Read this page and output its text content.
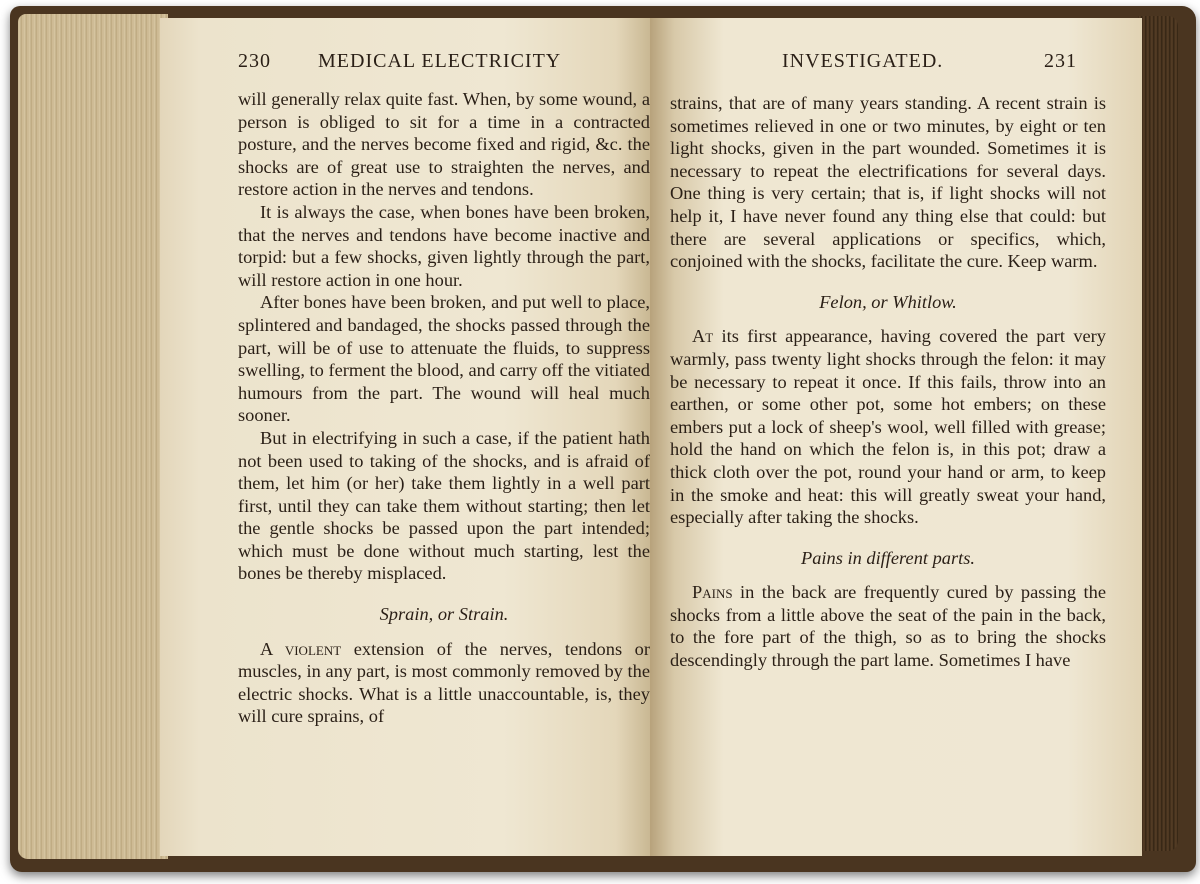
230 MEDICAL ELECTRICITY

will generally relax quite fast. When, by some wound, a person is obliged to sit for a time in a contracted posture, and the nerves become fixed and rigid, &c. the shocks are of great use to straighten the nerves, and restore action in the nerves and tendons.

It is always the case, when bones have been broken, that the nerves and tendons have become inactive and torpid: but a few shocks, given lightly through the part, will restore action in one hour.

After bones have been broken, and put well to place, splintered and bandaged, the shocks passed through the part, will be of use to attenuate the fluids, to suppress swelling, to ferment the blood, and carry off the vitiated humours from the part. The wound will heal much sooner.

But in electrifying in such a case, if the patient hath not been used to taking of the shocks, and is afraid of them, let him (or her) take them lightly in a well part first, until they can take them without starting; then let the gentle shocks be passed upon the part intended; which must be done without much starting, lest the bones be thereby misplaced.

Sprain, or Strain.

A violent extension of the nerves, tendons or muscles, in any part, is most commonly removed by the electric shocks. What is a little unaccountable, is, they will cure sprains, of

INVESTIGATED.	231

strains, that are of many years standing. A recent strain is sometimes relieved in one or two minutes, by eight or ten light shocks, given in the part wounded. Sometimes it is necessary to repeat the electrifications for several days. One thing is very certain; that is, if light shocks will not help it, I have never found any thing else that could: but there are several applications or specifics, which, conjoined with the shocks, facilitate the cure. Keep warm.

Felon, or Whitlow.

At its first appearance, having covered the part very warmly, pass twenty light shocks through the felon: it may be necessary to repeat it once. If this fails, throw into an earthen, or some other pot, some hot embers; on these embers put a lock of sheep's wool, well filled with grease; hold the hand on which the felon is, in this pot; draw a thick cloth over the pot, round your hand or arm, to keep in the smoke and heat: this will greatly sweat your hand, especially after taking the shocks.

Pains in different parts.

Pains in the back are frequently cured by passing the shocks from a little above the seat of the pain in the back, to the fore part of the thigh, so as to bring the shocks descendingly through the part lame. Sometimes I have
